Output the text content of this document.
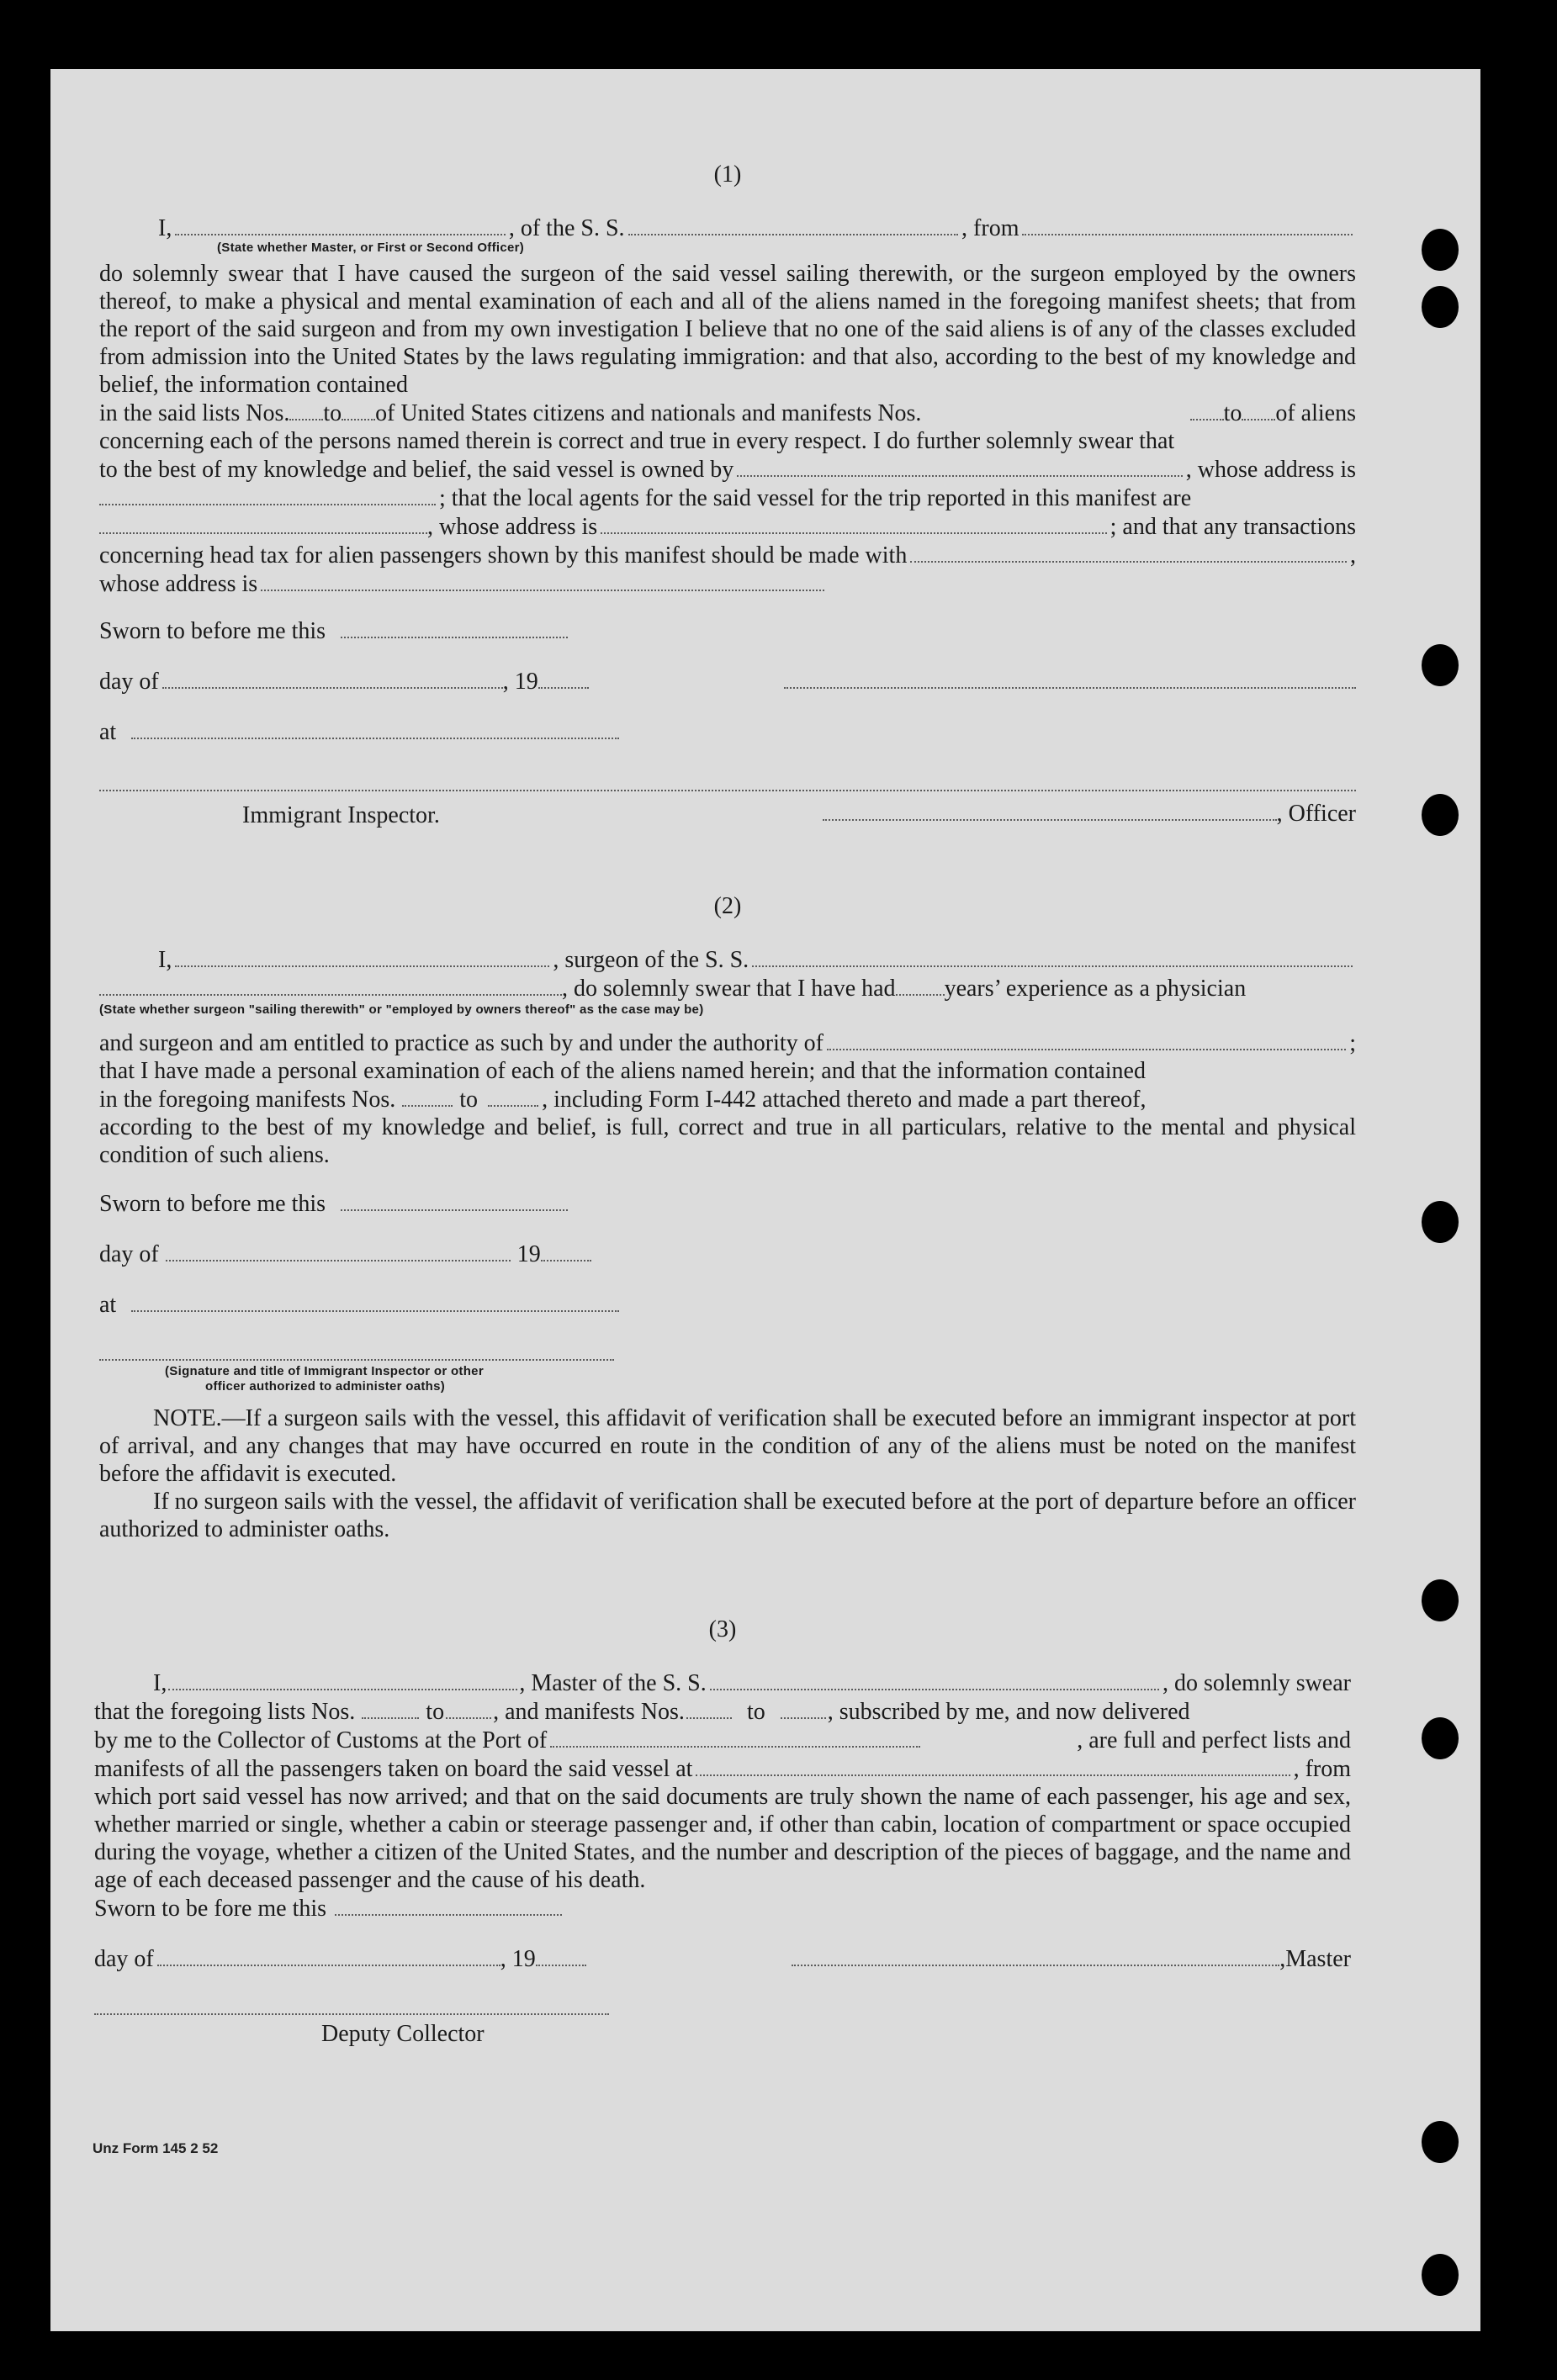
(1)
I,	, of the S. S.	, from
(State whether Master, or First or Second Officer)

do solemnly swear that I have caused the surgeon of the said vessel sailing therewith, or the surgeon employed by the owners thereof, to make a physical and mental examination of each and all of the aliens named in the foregoing manifest sheets; that from the report of the said surgeon and from my own investigation I believe that no one of the said aliens is of any of the classes excluded from admission into the United States by the laws regulating immigration: and that also, according to the best of my knowledge and belief, the information contained

in the said lists Nos. to of United States citizens and nationals and manifests Nos.	to of aliens

concerning each of the persons named therein is correct and true in every respect. I do further solemnly swear that

to the best of my knowledge and belief, the said vessel is owned by	, whose address is
; that the local agents for the said vessel for the trip reported in this manifest are
, whose address is	; and that any transactions
concerning head tax for alien passengers shown by this manifest should be made with	,
whose address is
Sworn to before me this
day of	, 19
at
Immigrant Inspector.	, Officer
(2)
I,	, surgeon of the S. S.
, do solemnly swear that I have had years’ experience as a physician
(State whether surgeon "sailing therewith" or "employed by owners thereof" as the case may be)
and surgeon and am entitled to practice as such by and under the authority of	;

that I have made a personal examination of each of the aliens named herein; and that the information contained

in the foregoing manifests Nos.	to	, including Form I-442 attached thereto and made a part thereof,

according to the best of my knowledge and belief, is full, correct and true in all particulars, relative to the mental and physical condition of such aliens.

Sworn to before me this
day of	19
at
(Signature and title of Immigrant Inspector or other
officer authorized to administer oaths)

NOTE.—If a surgeon sails with the vessel, this affidavit of verification shall be executed before an immigrant inspector at port of arrival, and any changes that may have occurred en route in the condition of any of the aliens must be noted on the manifest before the affidavit is executed.

If no surgeon sails with the vessel, the affidavit of verification shall be executed before at the port of departure before an officer authorized to administer oaths.

(3)
I,	, Master of the S. S.	, do solemnly swear
that the foregoing lists Nos.	to , and manifests Nos.	to	, subscribed by me, and now delivered
by me to the Collector of Customs at the Port of	, are full and perfect lists and
manifests of all the passengers taken on board the said vessel at	, from

which port said vessel has now arrived; and that on the said documents are truly shown the name of each passenger, his age and sex, whether married or single, whether a cabin or steerage passenger and, if other than cabin, location of compartment or space occupied during the voyage, whether a citizen of the United States, and the number and description of the pieces of baggage, and the name and age of each deceased passenger and the cause of his death.

Sworn to be fore me this
day of	, 19	,Master
Deputy Collector
Unz Form 145 2 52
